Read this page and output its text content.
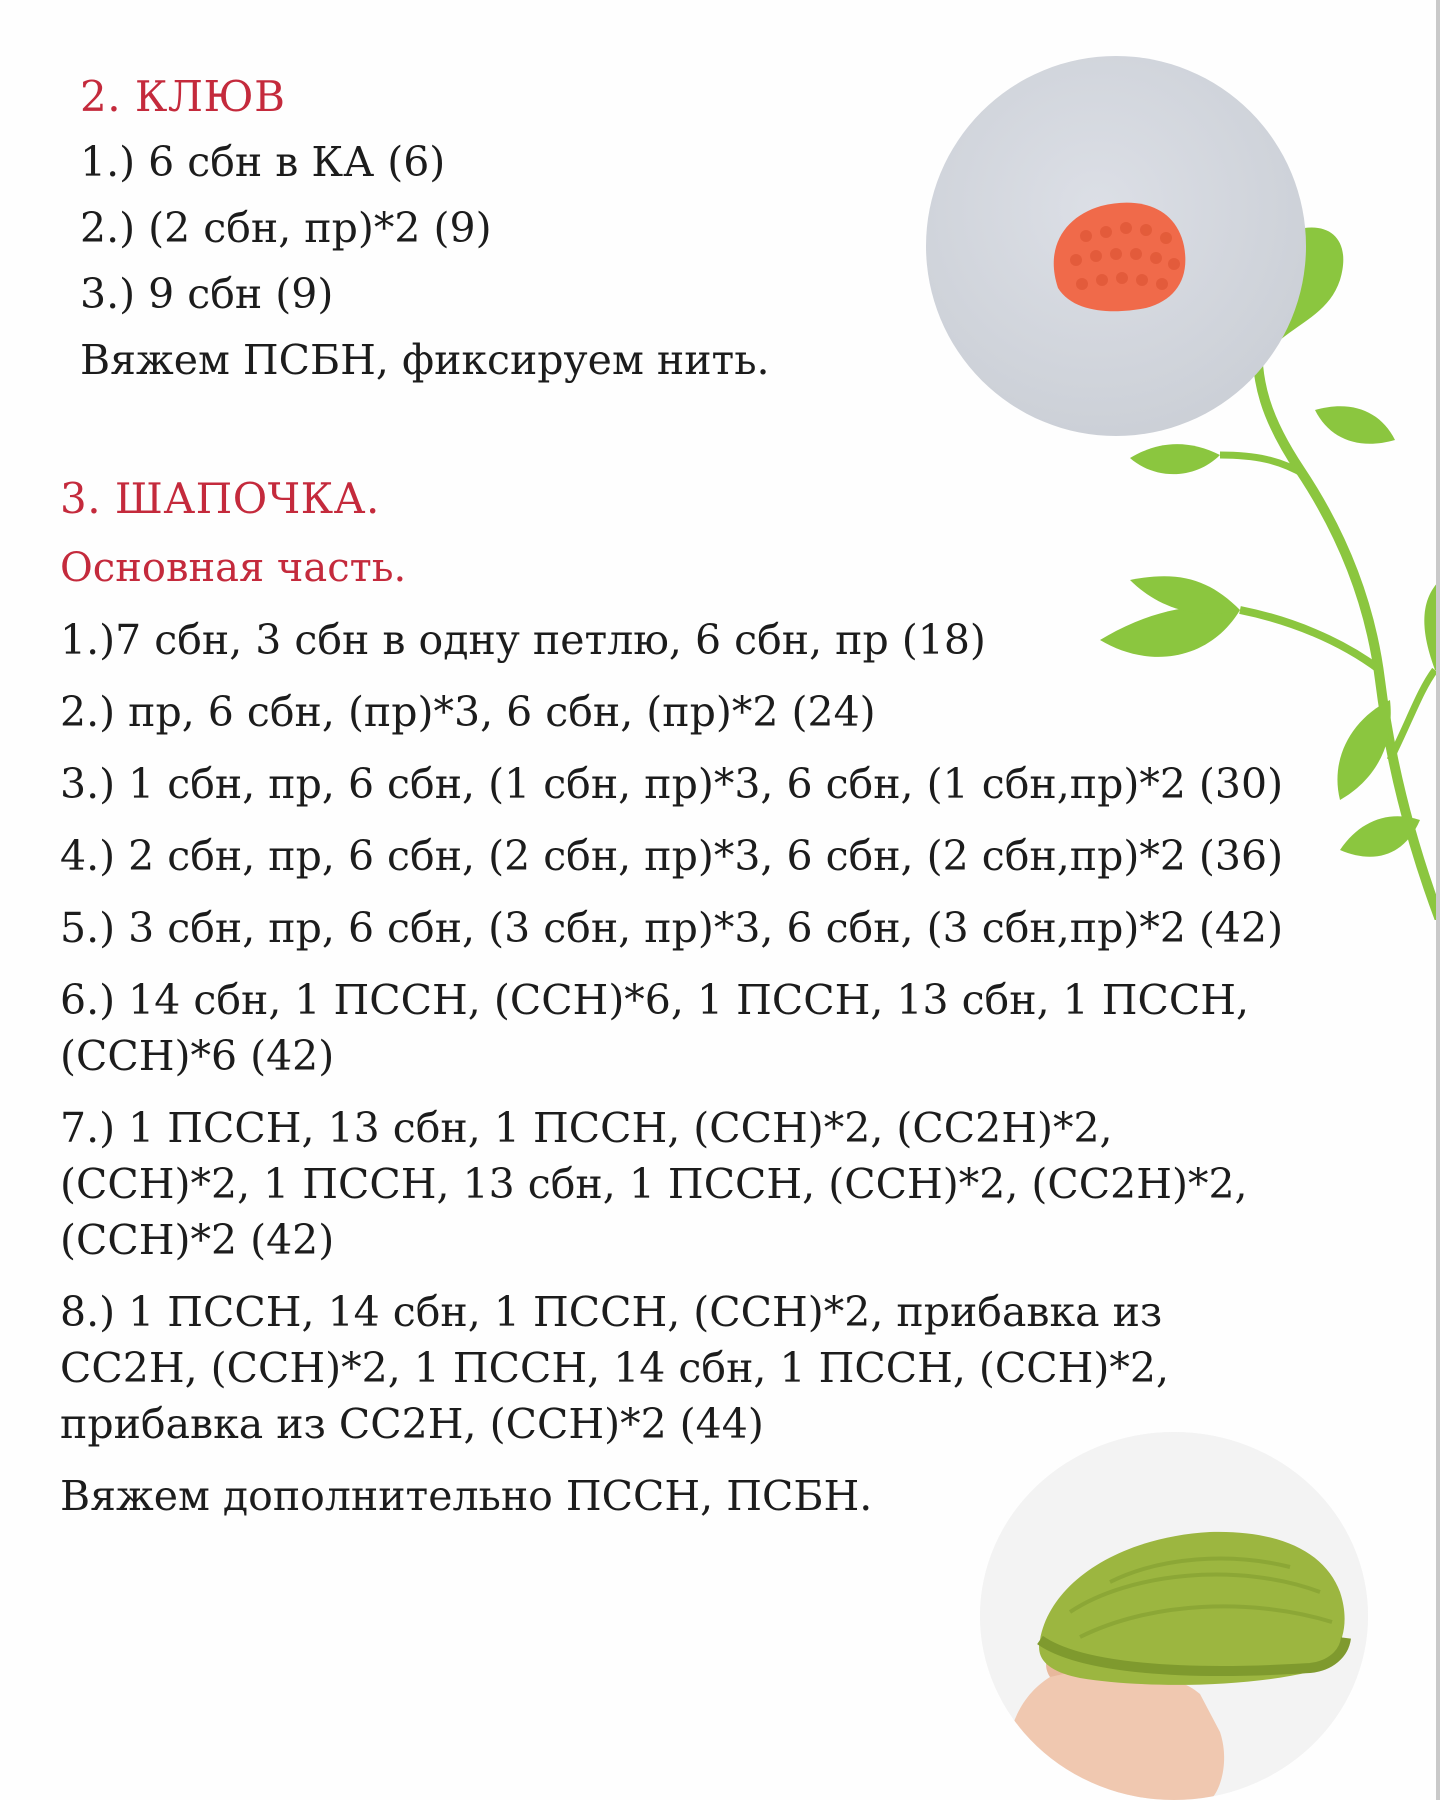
2. КЛЮВ
1.) 6 сбн в КА (6)
2.) (2 сбн, пр)*2 (9)
3.) 9 сбн (9)
Вяжем ПСБН, фиксируем нить.
3. ШАПОЧКА.
Основная часть.
1.)7 сбн, 3 сбн в одну петлю, 6 сбн, пр (18)
2.) пр, 6 сбн, (пр)*3, 6 сбн, (пр)*2 (24)
3.) 1 сбн, пр, 6 сбн, (1 сбн, пр)*3, 6 сбн, (1 сбн,пр)*2 (30)
4.) 2 сбн, пр, 6 сбн, (2 сбн, пр)*3, 6 сбн, (2 сбн,пр)*2 (36)
5.) 3 сбн, пр, 6 сбн, (3 сбн, пр)*3, 6 сбн, (3 сбн,пр)*2 (42)
6.) 14 сбн, 1 ПССН, (ССН)*6, 1 ПССН, 13 сбн, 1 ПССН,
(ССН)*6 (42)
7.) 1 ПССН, 13 сбн, 1 ПССН, (ССН)*2, (СС2Н)*2,
(ССН)*2, 1 ПССН, 13 сбн, 1 ПССН, (ССН)*2, (СС2Н)*2,
(ССН)*2 (42)
8.) 1 ПССН, 14 сбн, 1 ПССН, (ССН)*2, прибавка из
СС2Н, (ССН)*2, 1 ПССН, 14 сбн, 1 ПССН, (ССН)*2,
прибавка из СС2Н, (ССН)*2 (44)
Вяжем дополнительно ПССН, ПСБН.
